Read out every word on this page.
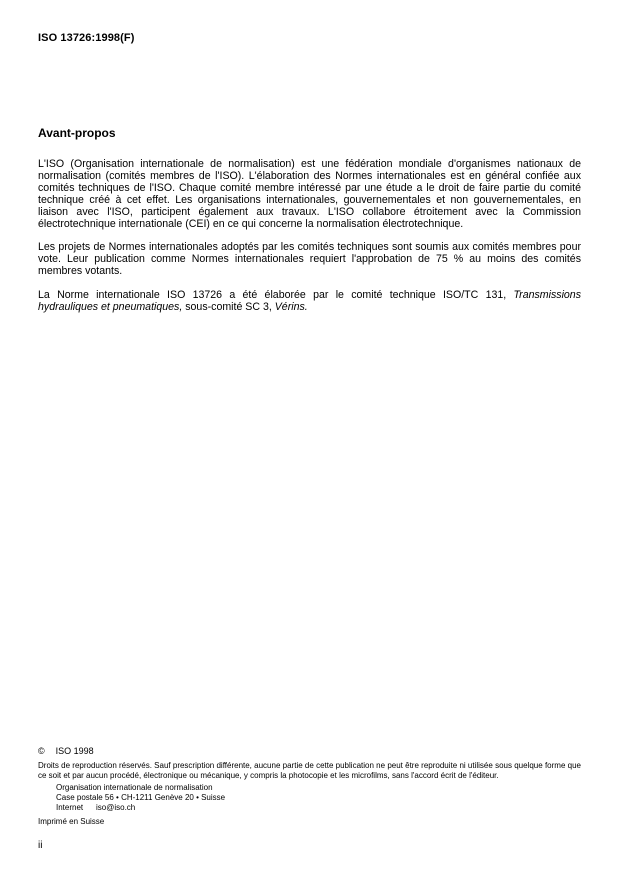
ISO 13726:1998(F)
Avant-propos

L'ISO (Organisation internationale de normalisation) est une fédération mondiale d'organismes nationaux de normalisation (comités membres de l'ISO). L'élaboration des Normes internationales est en général confiée aux comités techniques de l'ISO. Chaque comité membre intéressé par une étude a le droit de faire partie du comité technique créé à cet effet. Les organisations internationales, gouvernementales et non gouvernementales, en liaison avec l'ISO, participent également aux travaux. L'ISO collabore étroitement avec la Commission électrotechnique internationale (CEI) en ce qui concerne la normalisation électrotechnique.

Les projets de Normes internationales adoptés par les comités techniques sont soumis aux comités membres pour vote. Leur publication comme Normes internationales requiert l'approbation de 75 % au moins des comités membres votants.

La Norme internationale ISO 13726 a été élaborée par le comité technique ISO/TC 131, Transmissions hydrauliques et pneumatiques, sous-comité SC 3, Vérins.

© ISO 1998
Droits de reproduction réservés. Sauf prescription différente, aucune partie de cette publication ne peut être reproduite ni utilisée sous quelque forme que ce soit et par aucun procédé, électronique ou mécanique, y compris la photocopie et les microfilms, sans l'accord écrit de l'éditeur.
Organisation internationale de normalisation
Case postale 56 • CH-1211 Genève 20 • Suisse
Internet iso@iso.ch
Imprimé en Suisse
ii
